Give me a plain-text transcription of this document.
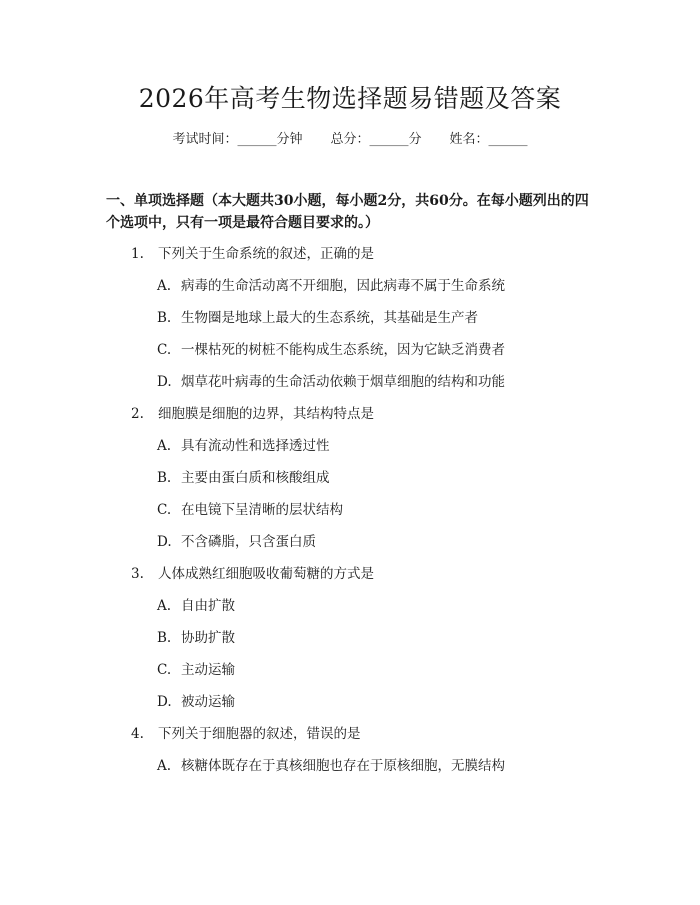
2026年高考生物选择题易错题及答案
考试时间：______分钟 总分：______分 姓名：______
一、单项选择题（本大题共30小题，每小题2分，共60分。在每小题列出的四个选项中，只有一项是最符合题目要求的。）
1. 下列关于生命系统的叙述，正确的是
A. 病毒的生命活动离不开细胞，因此病毒不属于生命系统
B. 生物圈是地球上最大的生态系统，其基础是生产者
C. 一棵枯死的树桩不能构成生态系统，因为它缺乏消费者
D. 烟草花叶病毒的生命活动依赖于烟草细胞的结构和功能
2. 细胞膜是细胞的边界，其结构特点是
A. 具有流动性和选择透过性
B. 主要由蛋白质和核酸组成
C. 在电镜下呈清晰的层状结构
D. 不含磷脂，只含蛋白质
3. 人体成熟红细胞吸收葡萄糖的方式是
A. 自由扩散
B. 协助扩散
C. 主动运输
D. 被动运输
4. 下列关于细胞器的叙述，错误的是
A. 核糖体既存在于真核细胞也存在于原核细胞，无膜结构
